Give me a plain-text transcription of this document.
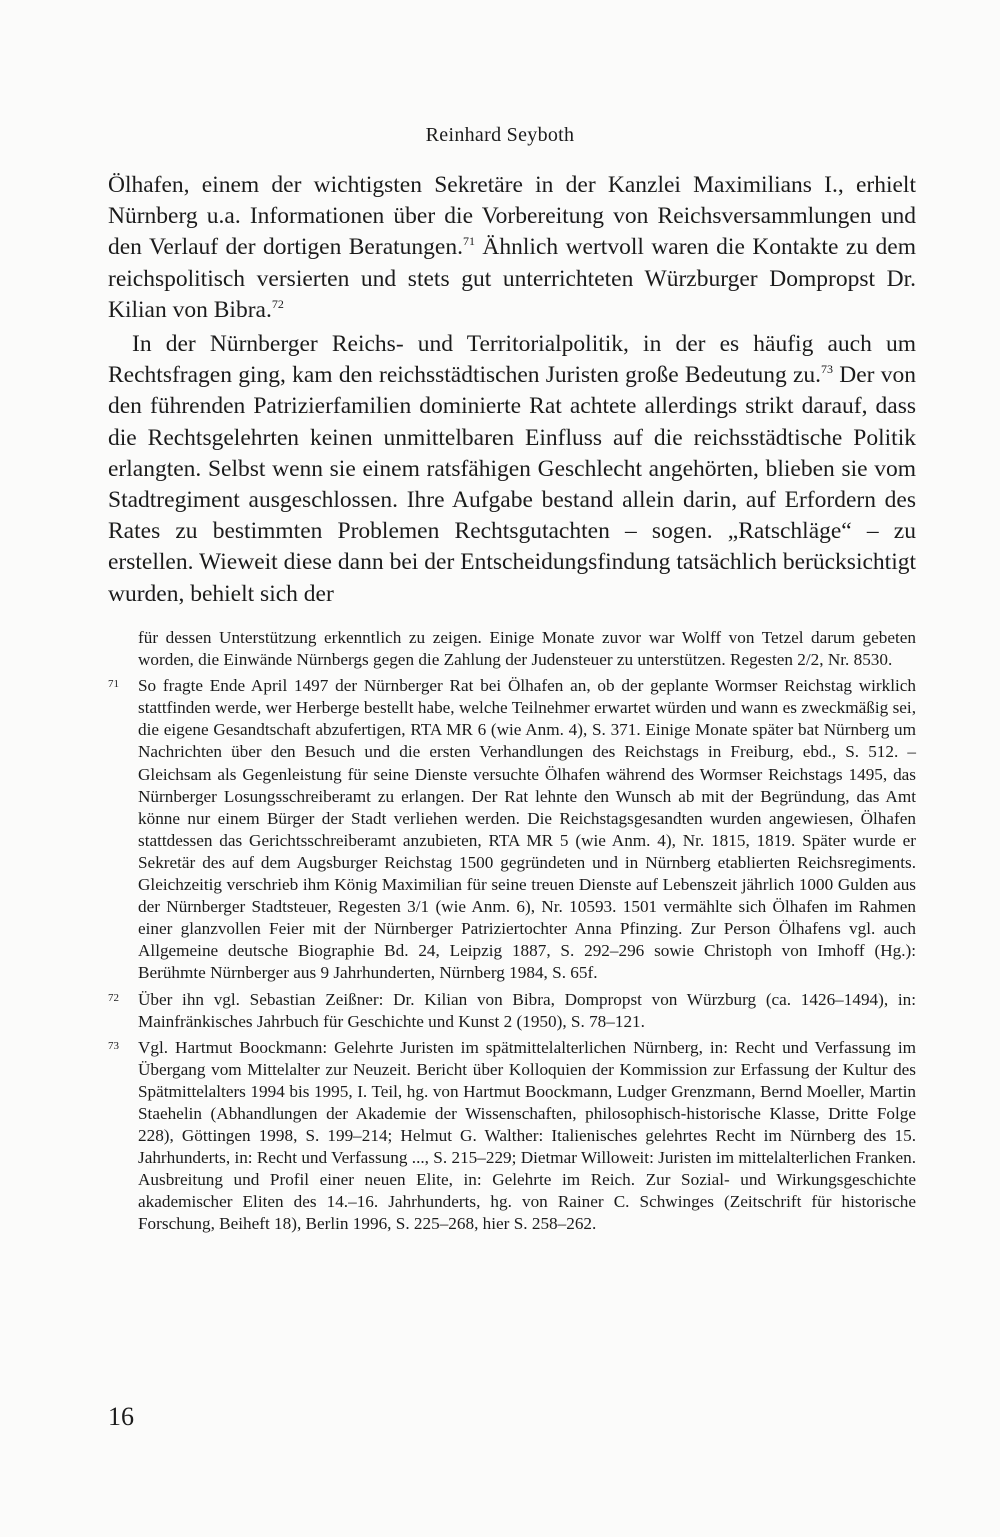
Reinhard Seyboth

Ölhafen, einem der wichtigsten Sekretäre in der Kanzlei Maximilians I., erhielt Nürnberg u.a. Informationen über die Vorbereitung von Reichsversammlungen und den Verlauf der dortigen Beratungen.$^{71}$ Ähnlich wertvoll waren die Kontakte zu dem reichspolitisch versierten und stets gut unterrichteten Würzburger Dompropst Dr. Kilian von Bibra.$^{72}$

In der Nürnberger Reichs- und Territorialpolitik, in der es häufig auch um Rechtsfragen ging, kam den reichsstädtischen Juristen große Bedeutung zu.$^{73}$ Der von den führenden Patrizierfamilien dominierte Rat achtete allerdings strikt darauf, dass die Rechtsgelehrten keinen unmittelbaren Einfluss auf die reichsstädtische Politik erlangten. Selbst wenn sie einem ratsfähigen Geschlecht angehörten, blieben sie vom Stadtregiment ausgeschlossen. Ihre Aufgabe bestand allein darin, auf Erfordern des Rates zu bestimmten Problemen Rechtsgutachten – sogen. „Ratschläge“ – zu erstellen. Wieweit diese dann bei der Entscheidungsfindung tatsächlich berücksichtigt wurden, behielt sich der

für dessen Unterstützung erkenntlich zu zeigen. Einige Monate zuvor war Wolff von Tetzel darum gebeten worden, die Einwände Nürnbergs gegen die Zahlung der Judensteuer zu unterstützen. Regesten 2/2, Nr. 8530.

71 So fragte Ende April 1497 der Nürnberger Rat bei Ölhafen an, ob der geplante Wormser Reichstag wirklich stattfinden werde, wer Herberge bestellt habe, welche Teilnehmer erwartet würden und wann es zweckmäßig sei, die eigene Gesandtschaft abzufertigen, RTA MR 6 (wie Anm. 4), S. 371. Einige Monate später bat Nürnberg um Nachrichten über den Besuch und die ersten Verhandlungen des Reichstags in Freiburg, ebd., S. 512. – Gleichsam als Gegenleistung für seine Dienste versuchte Ölhafen während des Wormser Reichstags 1495, das Nürnberger Losungsschreiberamt zu erlangen. Der Rat lehnte den Wunsch ab mit der Begründung, das Amt könne nur einem Bürger der Stadt verliehen werden. Die Reichstagsgesandten wurden angewiesen, Ölhafen stattdessen das Gerichtsschreiberamt anzubieten, RTA MR 5 (wie Anm. 4), Nr. 1815, 1819. Später wurde er Sekretär des auf dem Augsburger Reichstag 1500 gegründeten und in Nürnberg etablierten Reichsregiments. Gleichzeitig verschrieb ihm König Maximilian für seine treuen Dienste auf Lebenszeit jährlich 1000 Gulden aus der Nürnberger Stadtsteuer, Regesten 3/1 (wie Anm. 6), Nr. 10593. 1501 vermählte sich Ölhafen im Rahmen einer glanzvollen Feier mit der Nürnberger Patriziertochter Anna Pfinzing. Zur Person Ölhafens vgl. auch Allgemeine deutsche Biographie Bd. 24, Leipzig 1887, S. 292–296 sowie Christoph von Imhoff (Hg.): Berühmte Nürnberger aus 9 Jahrhunderten, Nürnberg 1984, S. 65f.

72 Über ihn vgl. Sebastian Zeißner: Dr. Kilian von Bibra, Dompropst von Würzburg (ca. 1426–1494), in: Mainfränkisches Jahrbuch für Geschichte und Kunst 2 (1950), S. 78–121.

73 Vgl. Hartmut Boockmann: Gelehrte Juristen im spätmittelalterlichen Nürnberg, in: Recht und Verfassung im Übergang vom Mittelalter zur Neuzeit. Bericht über Kolloquien der Kommission zur Erfassung der Kultur des Spätmittelalters 1994 bis 1995, I. Teil, hg. von Hartmut Boockmann, Ludger Grenzmann, Bernd Moeller, Martin Staehelin (Abhandlungen der Akademie der Wissenschaften, philosophisch-historische Klasse, Dritte Folge 228), Göttingen 1998, S. 199–214; Helmut G. Walther: Italienisches gelehrtes Recht im Nürnberg des 15. Jahrhunderts, in: Recht und Verfassung ..., S. 215–229; Dietmar Willoweit: Juristen im mittelalterlichen Franken. Ausbreitung und Profil einer neuen Elite, in: Gelehrte im Reich. Zur Sozial- und Wirkungsgeschichte akademischer Eliten des 14.–16. Jahrhunderts, hg. von Rainer C. Schwinges (Zeitschrift für historische Forschung, Beiheft 18), Berlin 1996, S. 225–268, hier S. 258–262.

16
